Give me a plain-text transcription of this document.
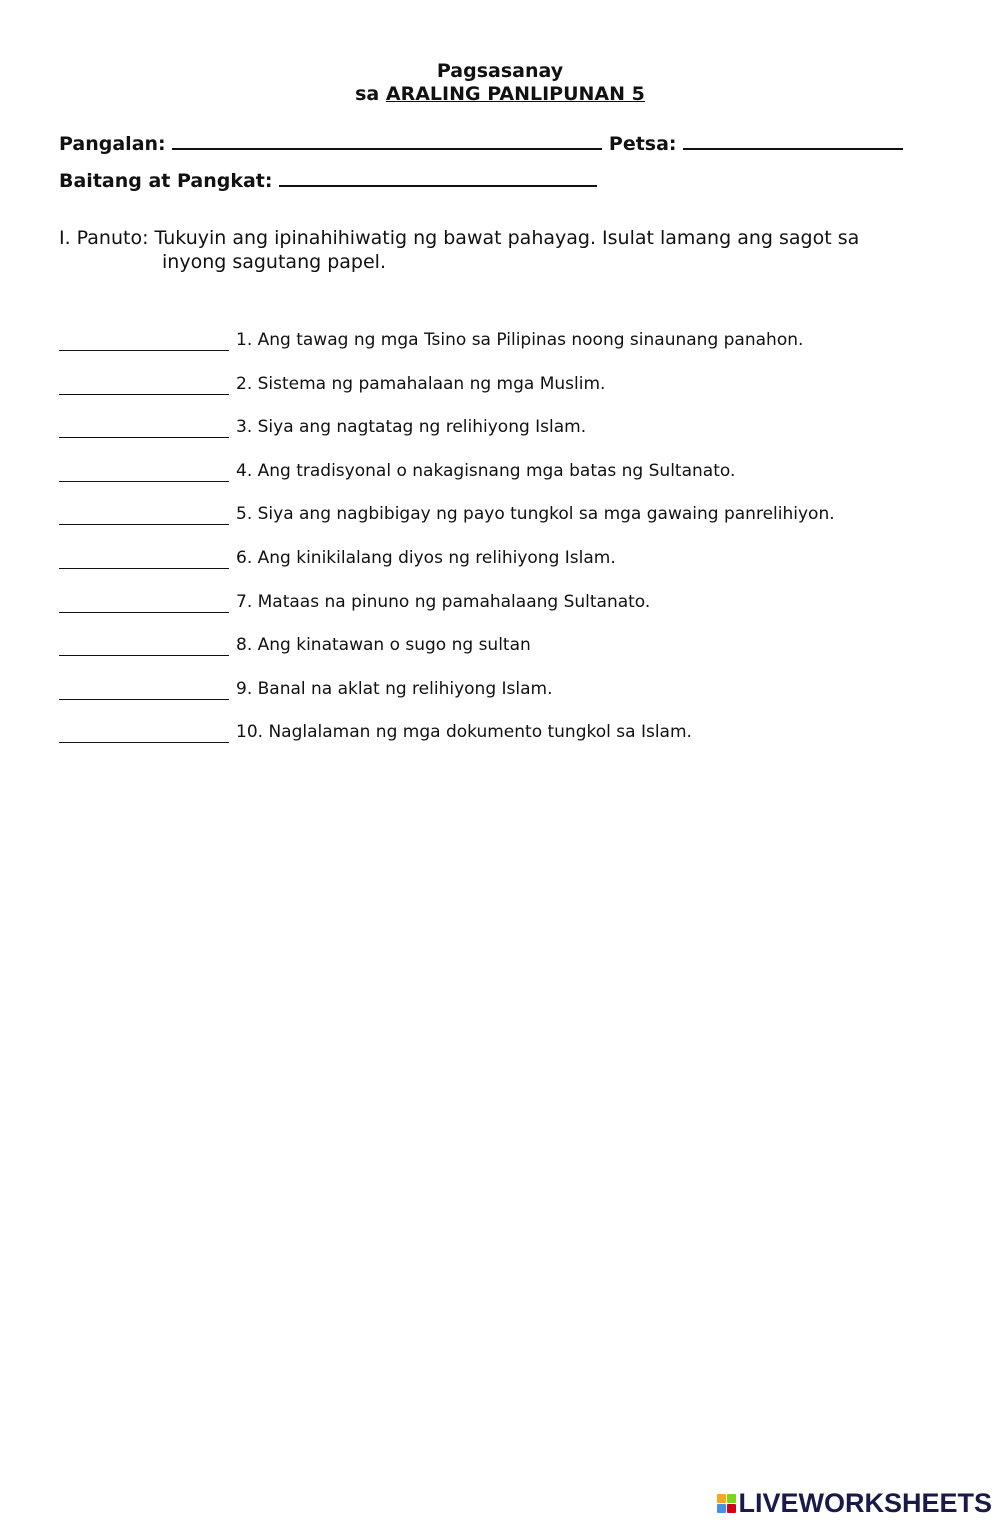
Pagsasanay
sa ARALING PANLIPUNAN 5
Pangalan:	Petsa:
Baitang at Pangkat:
I. Panuto: Tukuyin ang ipinahihiwatig ng bawat pahayag. Isulat lamang ang sagot sa
inyong sagutang papel.
1. Ang tawag ng mga Tsino sa Pilipinas noong sinaunang panahon.
2. Sistema ng pamahalaan ng mga Muslim.
3. Siya ang nagtatag ng relihiyong Islam.
4. Ang tradisyonal o nakagisnang mga batas ng Sultanato.
5. Siya ang nagbibigay ng payo tungkol sa mga gawaing panrelihiyon.
6. Ang kinikilalang diyos ng relihiyong Islam.
7. Mataas na pinuno ng pamahalaang Sultanato.
8. Ang kinatawan o sugo ng sultan
9. Banal na aklat ng relihiyong Islam.
10. Naglalaman ng mga dokumento tungkol sa Islam.
LIVEWORKSHEETS
